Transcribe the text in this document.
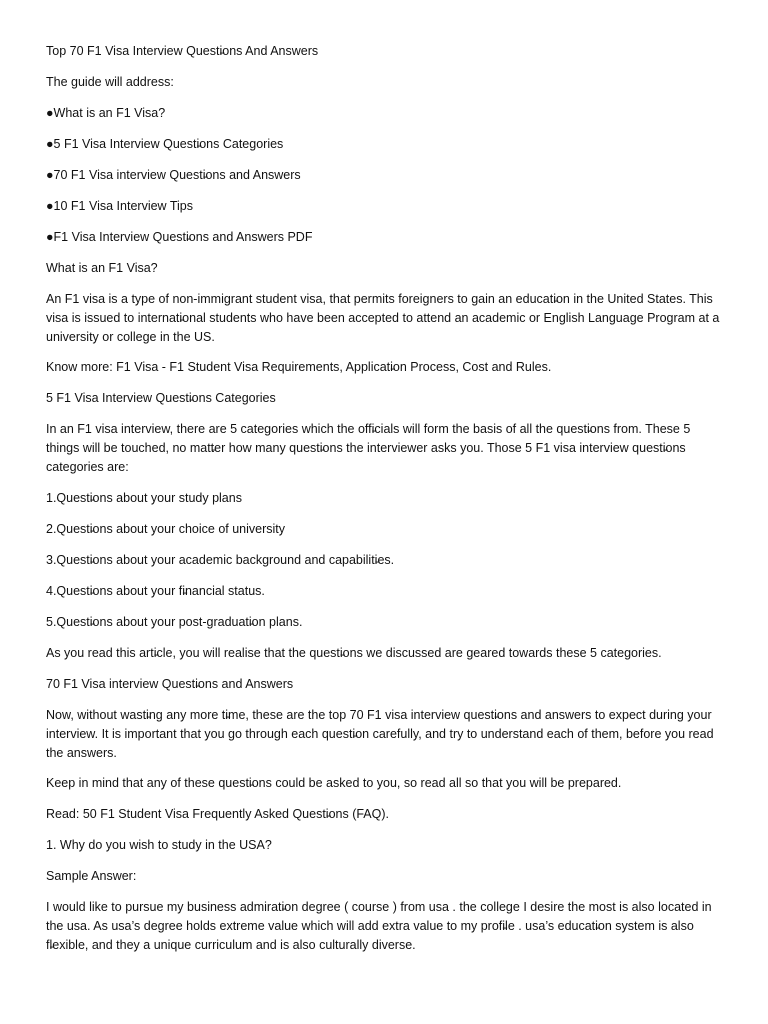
Top 70 F1 Visa Interview Questi̵ons And Answers

The guide will address:

●What is an F1 Visa?

●5 F1 Visa Interview Questi̵ons Categories

●70 F1 Visa interview Questi̵ons and Answers

●10 F1 Visa Interview Tips

●F1 Visa Interview Questi̵ons and Answers PDF

What is an F1 Visa?

An F1 visa is a type of non-immigrant student visa, that permits foreigners to gain an educati̵on in the United States. This visa is issued to internati̵onal students who have been accepted to attend an academic or English Language Program at a university or college in the US.

Know more: F1 Visa - F1 Student Visa Requirements, Applicati̵on Process, Cost and Rules.

5 F1 Visa Interview Questi̵ons Categories

In an F1 visa interview, there are 5 categories which the offi̵cials will form the basis of all the questi̵ons from. These 5 things will be touched, no matt̵er how many questi̵ons the interviewer asks you. Those 5 F1 visa interview questi̵ons categories are:

1.Questi̵ons about your study plans

2.Questi̵ons about your choice of university

3.Questi̵ons about your academic background and capabiliti̵es.

4.Questi̵ons about your fi̵nancial status.

5.Questi̵ons about your post-graduati̵on plans.

As you read this arti̵cle, you will realise that the questi̵ons we discussed are geared towards these 5 categories.

70 F1 Visa interview Questi̵ons and Answers

Now, without wasti̵ng any more ti̵me, these are the top 70 F1 visa interview questi̵ons and answers to expect during your interview. It is important that you go through each questi̵on carefully, and try to understand each of them, before you read the answers.

Keep in mind that any of these questi̵ons could be asked to you, so read all so that you will be prepared.

Read: 50 F1 Student Visa Frequently Asked Questi̵ons (FAQ).

1. Why do you wish to study in the USA?

Sample Answer:

I would like to pursue my business admirati̵on degree ( course ) from usa . the college I desire the most is also located in the usa. As usa’s degree holds extreme value which will add extra value to my profi̵le . usa’s educati̵on system is also fl̵exible, and they a unique curriculum and is also culturally diverse.
